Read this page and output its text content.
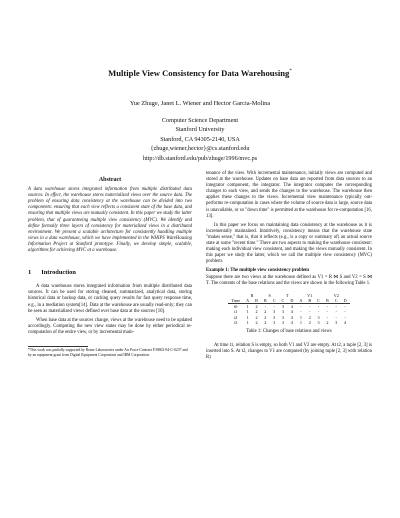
Multiple View Consistency for Data Warehousing*
Yue Zhuge, Janet L. Wiener and Hector Garcia-Molina
Computer Science Department
Stanford University
Stanford, CA 94305-2140, USA
{zhuge,wiener,hector}@cs.stanford.edu
http://db.stanford.edu/pub/zhuge/1996/mvc.ps
Abstract
A data warehouse stores integrated information from multiple distributed data sources. In effect, the warehouse stores materialized views over the source data. The problem of ensuring data consistency at the warehouse can be divided into two components: ensuring that each view reflects a consistent state of the base data, and ensuring that multiple views are mutually consistent. In this paper we study the latter problem, that of guaranteeing multiple view consistency (MVC). We identify and define formally three layers of consistency for materialized views in a distributed environment. We present a scalable architecture for consistently handling multiple views in a data warehouse, which we have implemented in the WHIPS WareHousing Information Project at Stanford prototype. Finally, we develop simple, scalable, algorithms for achieving MVC at a warehouse.
1 Introduction

A data warehouse stores integrated information from multiple distributed data sources. It can be used for storing cleaned, summarized, analytical data, storing historical data or backup data, or caching query results for fast query response time, e.g., in a mediation system[14]. Data at the warehouse are usually read-only; they can be seen as materialized views defined over base data at the sources [10].

When base data at the sources change, views at the warehouse need to be updated accordingly. Computing the new view states may be done by either periodical re-computation of the entire view, or by incremental main-

*This work was partially supported by Rome Laboratories under Air Force Contract F30602-94-C-0237 and by an equipment grant from Digital Equipment Corporation and IBM Corporation.

tenance of the view. With incremental maintenance, initially views are computed and stored at the warehouse. Updates on base data are reported from data sources to an integrator component, the integrator. The integrator computes the corresponding changes to each view, and sends the changes to the warehouse. The warehouse then applies these changes to the views. Incremental view maintenance typically out-performs re-computation in cases where the volume of source data is large, source data is unavailable, or so "down time" is permitted at the warehouse for re-computation [16, 13].

In this paper we focus on maintaining data consistency at the warehouse as it is incrementally maintained. Intuitively, consistency means that the warehouse state "makes sense," that is, that it reflects (e.g., is a copy or summary of) an actual source state at some "recent time." There are two aspects to making the warehouse consistent: making each individual view consistent, and making the views mutually consistent. In this paper we study the latter, which we call the multiple view consistency (MVC) problem.

Example 1: The multiple view consistency problem

Suppose there are two views at the warehouse defined as V1 = R ⋈ S and V2 = S ⋈ T. The contents of the base relations and the views are shown in the following Table 1.

	R		S		T		V1			V2		
Time	A	B	B	C	C	D	A	B	C	B	C	D
t0	1	2	-	-	3	4	-	-	-	-	-	-
t1	1	2	2	3	3	4	-	-	-	-	-	-
t2	1	2	2	3	3	4	1	2	3	-	-	-
t3	1	2	2	3	3	4	1	2	3	2	3	4
Table 1: Changes of base relations and views

At time t1, relation S is empty, so both V1 and V2 are empty. At t2, a tuple [2, 3] is inserted into S. At t2, changes to V1 are computed (by joining tuple [2, 3] with relation R)
